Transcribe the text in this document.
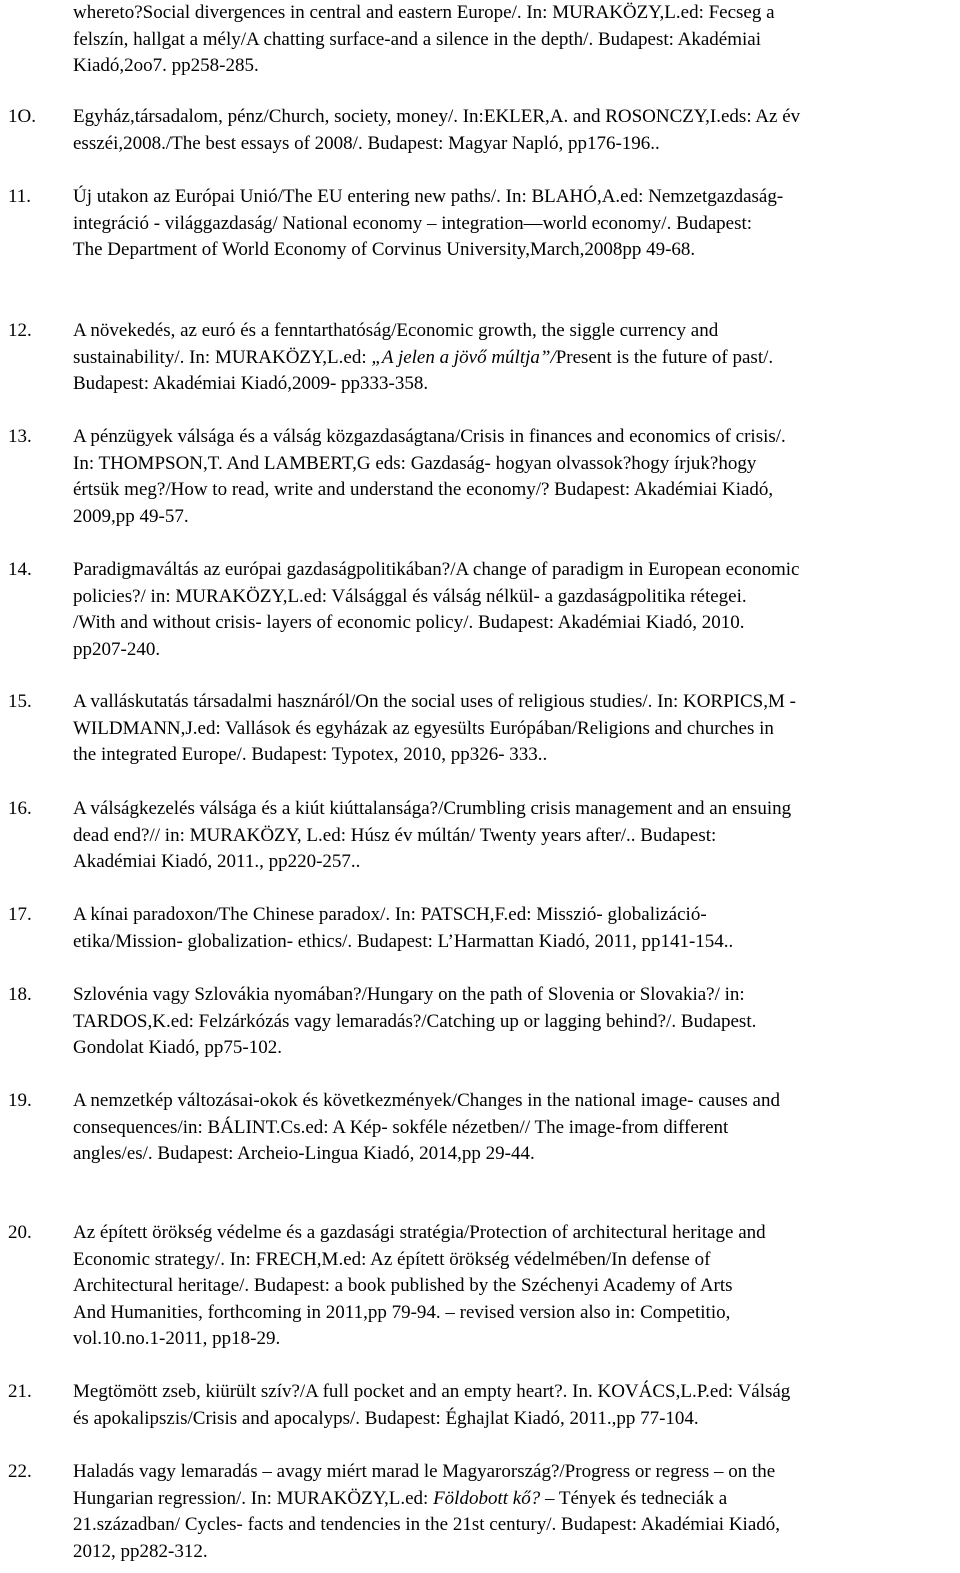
whereto?Social divergences in central and eastern Europe/. In: MURAKÖZY,L.ed: Fecseg a
felszín, hallgat a mély/A chatting surface-and a silence in the depth/. Budapest: Akadémiai
Kiadó,2oo7. pp258-285.
1O.	Egyház,társadalom, pénz/Church, society, money/. In:EKLER,A. and ROSONCZY,I.eds: Az év
esszéi,2008./The best essays of 2008/. Budapest: Magyar Napló, pp176-196..
11.	Új utakon az Európai Unió/The EU entering new paths/. In: BLAHÓ,A.ed: Nemzetgazdaság-
integráció - világgazdaság/ National economy – integration—world economy/. Budapest:
The Department of World Economy of Corvinus University,March,2008pp 49-68.
12.	A növekedés, az euró és a fenntarthatóság/Economic growth, the siggle currency and
sustainability/. In: MURAKÖZY,L.ed: „A jelen a jövő múltja”/Present is the future of past/.
Budapest: Akadémiai Kiadó,2009- pp333-358.
13.	A pénzügyek válsága és a válság közgazdaságtana/Crisis in finances and economics of crisis/.
In: THOMPSON,T. And LAMBERT,G eds: Gazdaság- hogyan olvassok?hogy írjuk?hogy
értsük meg?/How to read, write and understand the economy/? Budapest: Akadémiai Kiadó,
2009,pp 49-57.
14.	Paradigmaváltás az európai gazdaságpolitikában?/A change of paradigm in European economic
policies?/ in: MURAKÖZY,L.ed: Válsággal és válság nélkül- a gazdaságpolitika rétegei.
/With and without crisis- layers of economic policy/. Budapest: Akadémiai Kiadó, 2010.
pp207-240.
15.	A valláskutatás társadalmi hasznáról/On the social uses of religious studies/. In: KORPICS,M -
WILDMANN,J.ed: Vallások és egyházak az egyesülts Európában/Religions and churches in
the integrated Europe/. Budapest: Typotex, 2010, pp326- 333..
16.	A válságkezelés válsága és a kiút kiúttalansága?/Crumbling crisis management and an ensuing
dead end?// in: MURAKÖZY, L.ed: Húsz év múltán/ Twenty years after/.. Budapest:
Akadémiai Kiadó, 2011., pp220-257..
17.	A kínai paradoxon/The Chinese paradox/. In: PATSCH,F.ed: Misszió- globalizáció-
etika/Mission- globalization- ethics/. Budapest: L’Harmattan Kiadó, 2011, pp141-154..
18.	Szlovénia vagy Szlovákia nyomában?/Hungary on the path of Slovenia or Slovakia?/ in:
TARDOS,K.ed: Felzárkózás vagy lemaradás?/Catching up or lagging behind?/. Budapest.
Gondolat Kiadó, pp75-102.
19.	A nemzetkép változásai-okok és következmények/Changes in the national image- causes and
consequences/in: BÁLINT.Cs.ed: A Kép- sokféle nézetben// The image-from different
angles/es/. Budapest: Archeio-Lingua Kiadó, 2014,pp 29-44.
20.	Az épített örökség védelme és a gazdasági stratégia/Protection of architectural heritage and
Economic strategy/. In: FRECH,M.ed: Az épített örökség védelmében/In defense of
Architectural heritage/. Budapest: a book published by the Széchenyi Academy of Arts
And Humanities, forthcoming in 2011,pp 79-94. – revised version also in: Competitio,
vol.10.no.1-2011, pp18-29.
21.	Megtömött zseb, kiürült szív?/A full pocket and an empty heart?. In. KOVÁCS,L.P.ed: Válság
és apokalipszis/Crisis and apocalyps/. Budapest: Éghajlat Kiadó, 2011.,pp 77-104.
22.	Haladás vagy lemaradás – avagy miért marad le Magyarország?/Progress or regress – on the
Hungarian regression/. In: MURAKÖZY,L.ed: Földobott kő? – Tények és tedneciák a
21.században/ Cycles- facts and tendencies in the 21st century/. Budapest: Akadémiai Kiadó,
2012, pp282-312.
